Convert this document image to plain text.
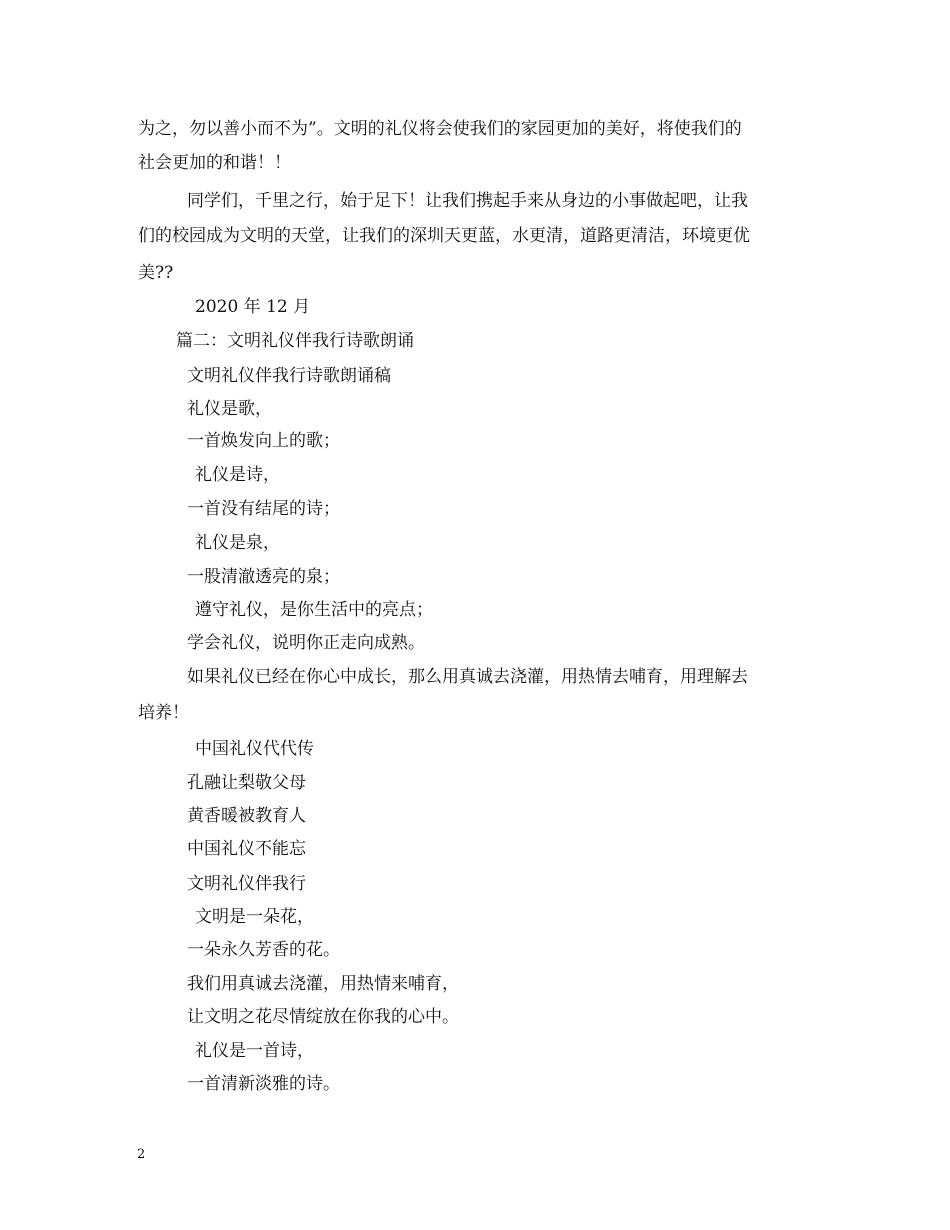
为之，勿以善小而不为”。文明的礼仪将会使我们的家园更加的美好，将使我们的
社会更加的和谐！！
同学们，千里之行，始于足下！让我们携起手来从身边的小事做起吧，让我
们的校园成为文明的天堂，让我们的深圳天更蓝，水更清，道路更清洁，环境更优
美??
2020 年 12 月
篇二：文明礼仪伴我行诗歌朗诵
文明礼仪伴我行诗歌朗诵稿
礼仪是歌，
一首焕发向上的歌；
礼仪是诗，
一首没有结尾的诗；
礼仪是泉，
一股清澈透亮的泉；
遵守礼仪，是你生活中的亮点；
学会礼仪，说明你正走向成熟。
如果礼仪已经在你心中成长，那么用真诚去浇灌，用热情去哺育，用理解去
培养！
中国礼仪代代传
孔融让梨敬父母
黄香暖被教育人
中国礼仪不能忘
文明礼仪伴我行
文明是一朵花，
一朵永久芳香的花。
我们用真诚去浇灌，用热情来哺育，
让文明之花尽情绽放在你我的心中。
礼仪是一首诗，
一首清新淡雅的诗。
2
